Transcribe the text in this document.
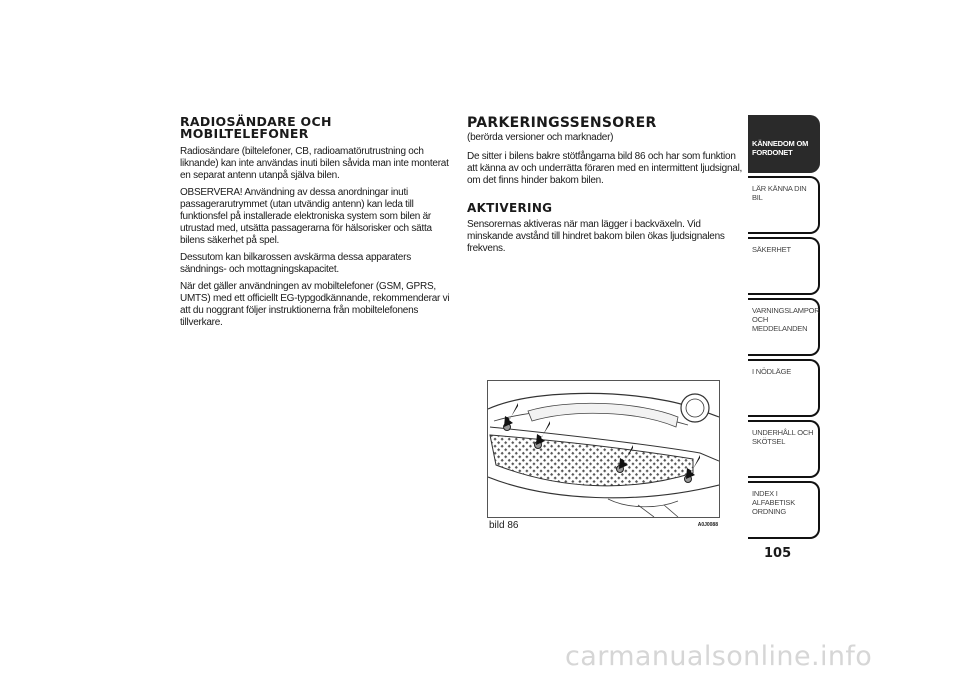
RADIOSÄNDARE OCH MOBILTELEFONER

Radiosändare (biltelefoner, CB, radioamatörutrustning och liknande) kan inte användas inuti bilen såvida man inte monterat en separat antenn utanpå själva bilen.

OBSERVERA! Användning av dessa anordningar inuti passagerarutrymmet (utan utvändig antenn) kan leda till funktionsfel på installerade elektroniska system som bilen är utrustad med, utsätta passagerarna för hälsorisker och sätta bilens säkerhet på spel.

Dessutom kan bilkarossen avskärma dessa apparaters sändnings- och mottagningskapacitet.

När det gäller användningen av mobiltelefoner (GSM, GPRS, UMTS) med ett officiellt EG-typgodkännande, rekommenderar vi att du noggrant följer instruktionerna från mobiltelefonens tillverkare.

PARKERINGSSENSORER

(berörda versioner och marknader)

De sitter i bilens bakre stötfångarna bild 86 och har som funktion att känna av och underrätta föraren med en intermittent ljudsignal, om det finns hinder bakom bilen.

AKTIVERING

Sensorernas aktiveras när man lägger i backväxeln. Vid minskande avstånd till hindret bakom bilen ökas ljudsignalens frekvens.

bild 86	A0J0088
KÄNNEDOM OM FORDONET
LÄR KÄNNA DIN BIL
SÄKERHET
VARNINGSLAMPOR OCH MEDDELANDEN
I NÖDLÄGE
UNDERHÅLL OCH SKÖTSEL
INDEX I ALFABETISK ORDNING
105
carmanualsonline.info
